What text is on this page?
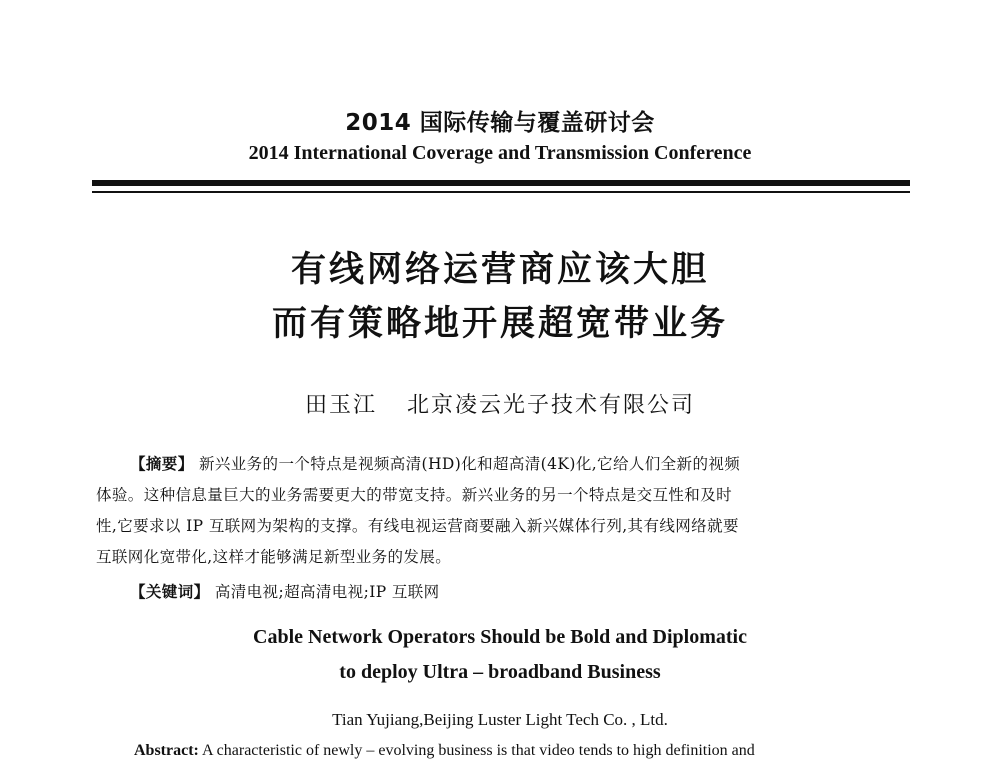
2014 国际传输与覆盖研讨会
2014 International Coverage and Transmission Conference
有线网络运营商应该大胆
而有策略地开展超宽带业务
田玉江 北京凌云光子技术有限公司
【摘要】 新兴业务的一个特点是视频高清(HD)化和超高清(4K)化,它给人们全新的视频
体验。这种信息量巨大的业务需要更大的带宽支持。新兴业务的另一个特点是交互性和及时
性,它要求以 IP 互联网为架构的支撑。有线电视运营商要融入新兴媒体行列,其有线网络就要
互联网化宽带化,这样才能够满足新型业务的发展。
【关键词】 高清电视;超高清电视;IP 互联网
Cable Network Operators Should be Bold and Diplomatic
to deploy Ultra – broadband Business
Tian Yujiang,Beijing Luster Light Tech Co. , Ltd.
Abstract: A characteristic of newly – evolving business is that video tends to high definition and
